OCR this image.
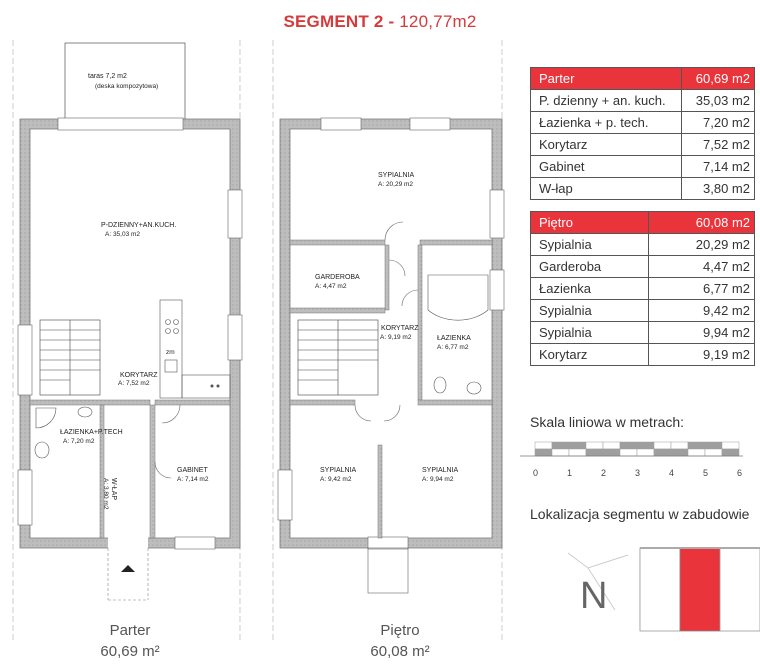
SEGMENT 2 - 120,77m2
taras 7,2 m2
(deska kompozytowa)
zm
P-DZIENNY+AN.KUCH.
A: 35,03 m2
KORYTARZ
A: 7,52 m2
ŁAZIENKA+P.TECH
A: 7,20 m2
GABINET
A: 7,14 m2
W-ŁAP
A: 3,80 m2
SYPIALNIA
A: 20,29 m2
GARDEROBA
A: 4,47 m2
KORYTARZ
A: 9,19 m2	ŁAZIENKA
A: 6,77 m2
SYPIALNIA
A: 9,42 m2
SYPIALNIA
A: 9,94 m2
0	1	2	3	4	5	6
N
Parter	60,69 m2
P. dzienny + an. kuch.	35,03 m2
Łazienka + p. tech.	7,20 m2
Korytarz	7,52 m2
Gabinet	7,14 m2
W-łap	3,80 m2
Piętro	60,08 m2
Sypialnia	20,29 m2
Garderoba	4,47 m2
Łazienka	6,77 m2
Sypialnia	9,42 m2
Sypialnia	9,94 m2
Korytarz	9,19 m2
Skala liniowa w metrach:
Lokalizacja segmentu w zabudowie
Parter
60,69 m²
Piętro
60,08 m²
